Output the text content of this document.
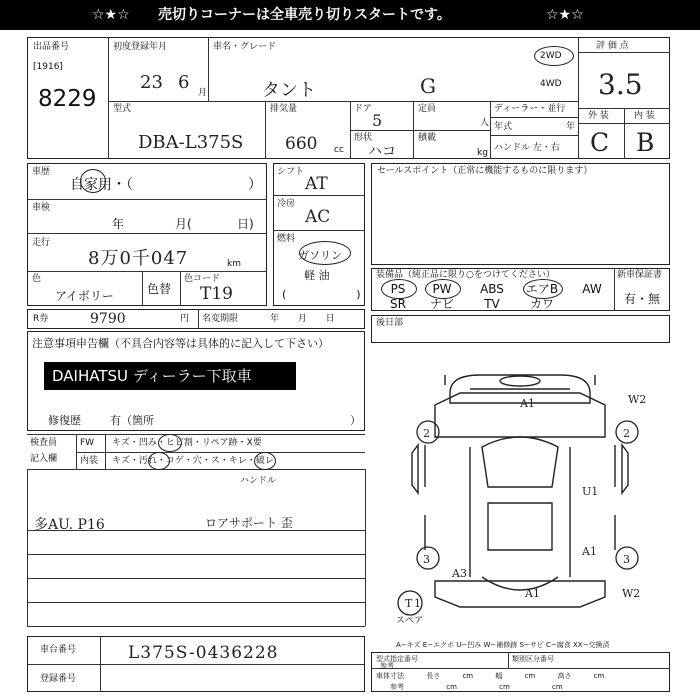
☆★☆ 売切りコーナーは全車売り切りスタートです。	☆★☆
出品番号
[1916]
8229
初度登録年月
23 6 月
車名・グレード
タント	G
2WD
4WD
評 価 点
3.5
型式
DBA-L375S
排気量
660 cc
ドア
5
形状
ハコ
定員
人
積載
kg
ディーラー・並行
年式	年
ハンドル 左・右
外 装	内 装
C B
車歴
自家用・（	）
車検
年	月(	日)
走行
8万0千047	km
色
アイボリー	色替
色コード
T19
R券	9790	円 名変期限	年 月 日
シフト
AT
冷房
AC
燃料
ガソリン
軽 油
(                    )
セールスポイント（正常に機能するものに限ります）
装備品（純正品に限り○をつけてください）
PS	PW	ABS	エアB	AW
SR	ナビ	TV	カワ
新車保証書
有・無
注意事項申告欄（不具合内容等は具体的に記入して下さい）
DAIHATSU ディーラー下取車
修復歴	有（箇所	）
後日部
検査員
記入欄
FW キズ・凹み・ヒビ割・リペア跡・X要
内装 キズ・汚れ・コゲ・穴・ス・キレ・破レ
ハンドル
多AU. P16	ロアサポート 歪
A1	W2
2	2
U1
A1
A1
3	3
W2
A3
T 1
スペア
A−キズ E−エクボ U−凹み W−補修跡 S−サビ C−腐食 XX−交換済
車台番号	L375S-0436228
登録番号
型式指定番号	類別区分番号
参考
車体寸法 長さ cm 幅 cm 高さ cm
参考 cm cm cm
